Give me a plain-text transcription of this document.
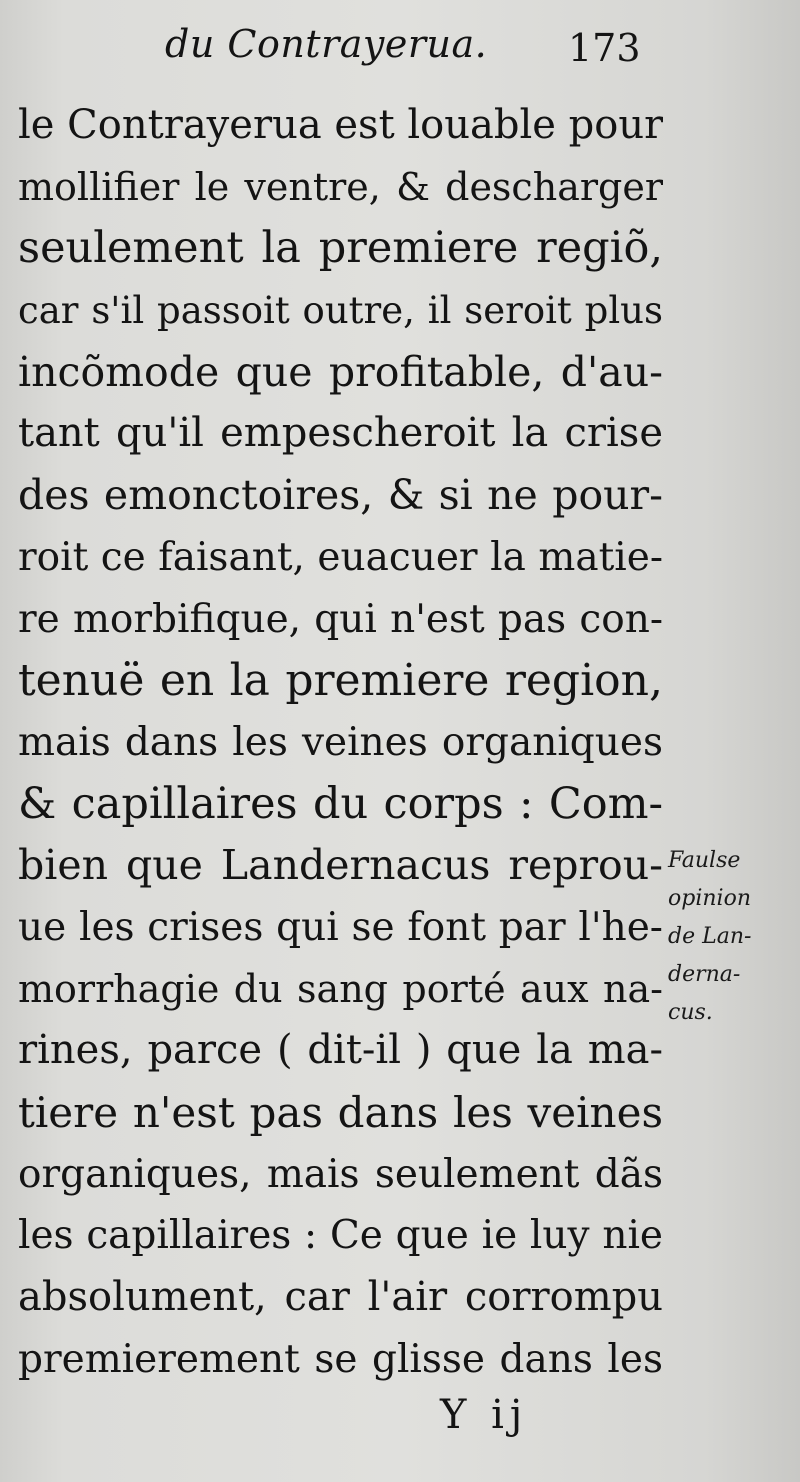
du Contrayerua. 173
le Contrayerua est louable pour
mollifier le ventre, & descharger
seulement la premiere regiõ,
car s'il passoit outre, il seroit plus
incõmode que profitable, d'au-
tant qu'il empescheroit la crise
des emonctoires, & si ne pour-
roit ce faisant, euacuer la matie-
re morbifique, qui n'est pas con-
tenuë en la premiere region,
mais dans les veines organiques
& capillaires du corps : Com-
bien que Landernacus reprou-
ue les crises qui se font par l'he-
morrhagie du sang porté aux na-
rines, parce ( dit-il ) que la ma-
tiere n'est pas dans les veines
organiques, mais seulement dãs
les capillaires : Ce que ie luy nie
absolument, car l'air corrompu
premierement se glisse dans les
Faulse
opinion
de Lan-
derna-
cus.
Y ij
